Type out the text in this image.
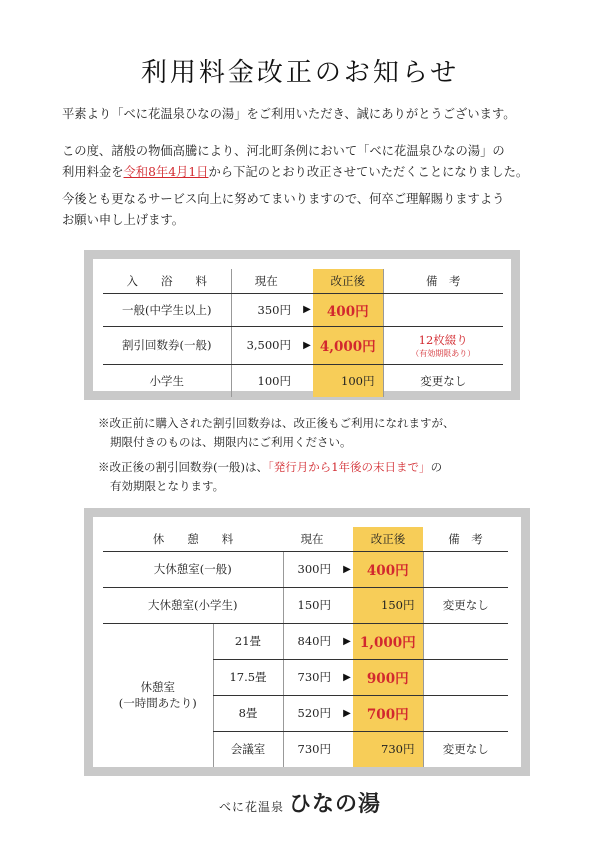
利用料金改正のお知らせ
平素より「べに花温泉ひなの湯」をご利用いただき、誠にありがとうございます。
この度、諸般の物価高騰により、河北町条例において「べに花温泉ひなの湯」の
利用料金を令和8年4月1日から下記のとおり改正させていただくことになりました。
今後とも更なるサービス向上に努めてまいりますので、何卒ご理解賜りますよう
お願い申し上げます。
入　　浴　　料	現在		改正後	備　考
一般(中学生以上)	350円	▶	400円	
割引回数券(一般)	3,500円	▶	4,000円	12枚綴り
（有効期限あり）

小学生	100円		100円	変更なし
※改正前に購入された割引回数券は、改正後もご利用になれますが、
期限付きのものは、期限内にご利用ください。
※改正後の割引回数券(一般)は、「発行月から1年後の末日まで」の
有効期限となります。
休　　憩　　料		現在		改正後	備　考
大休憩室(一般)		300円	▶	400円	
大休憩室(小学生)		150円		150円	変更なし

休憩室
(一時間あたり)	21畳	840円	▶	1,000円	
	17.5畳	730円	▶	900円	
	8畳	520円	▶	700円	
	会議室	730円		730円	変更なし
べに花温泉 ひなの湯
